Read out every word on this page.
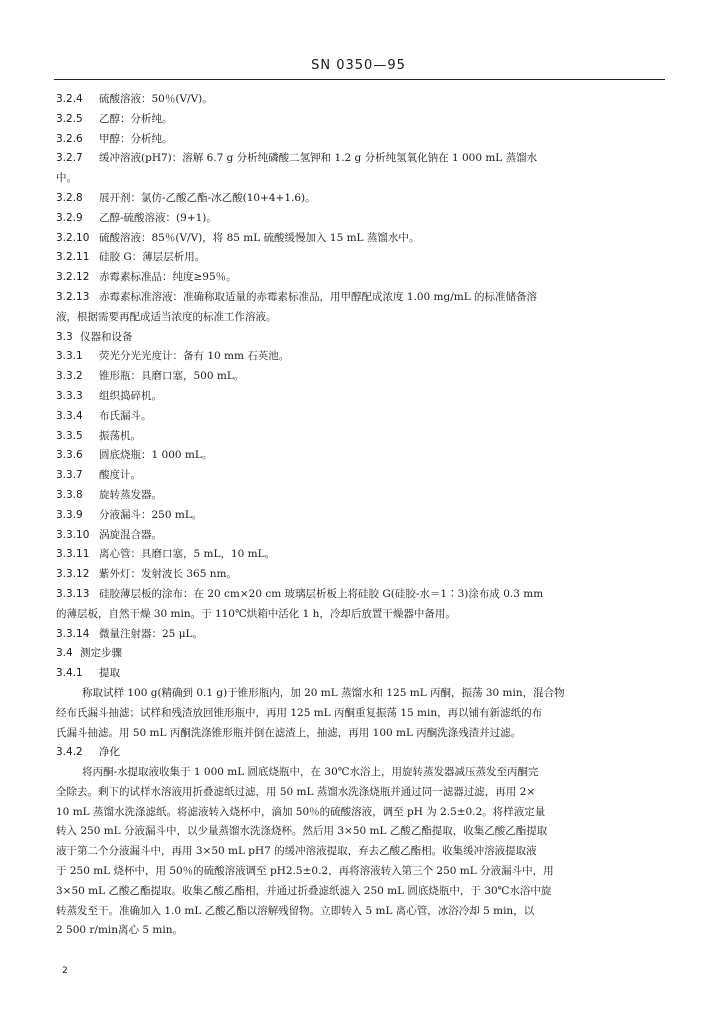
SN 0350—95
3.2.4 硫酸溶液：50％(V/V)。
3.2.5 乙醇：分析纯。
3.2.6 甲醇：分析纯。
3.2.7 缓冲溶液(pH7)：溶解 6.7 g 分析纯磷酸二氢钾和 1.2 g 分析纯氢氧化钠在 1 000 mL 蒸馏水
中。
3.2.8 展开剂：氯仿-乙酸乙酯-冰乙酸(10+4+1.6)。
3.2.9 乙醇-硫酸溶液：(9+1)。
3.2.10 硫酸溶液：85％(V/V)，将 85 mL 硫酸缓慢加入 15 mL 蒸馏水中。
3.2.11 硅胶 G：薄层层析用。
3.2.12 赤霉素标准品：纯度≥95％。
3.2.13 赤霉素标准溶液：准确称取适量的赤霉素标准品，用甲醇配成浓度 1.00 mg/mL 的标准储备溶
液，根据需要再配成适当浓度的标准工作溶液。
3.3 仪器和设备
3.3.1 荧光分光光度计：备有 10 mm 石英池。
3.3.2 锥形瓶：具磨口塞，500 mL。
3.3.3 组织捣碎机。
3.3.4 布氏漏斗。
3.3.5 振荡机。
3.3.6 圆底烧瓶：1 000 mL。
3.3.7 酸度计。
3.3.8 旋转蒸发器。
3.3.9 分液漏斗：250 mL。
3.3.10 涡旋混合器。
3.3.11 离心管：具磨口塞，5 mL，10 mL。
3.3.12 紫外灯：发射波长 365 nm。
3.3.13 硅胶薄层板的涂布：在 20 cm×20 cm 玻璃层析板上将硅胶 G(硅胶-水＝1∶3)涂布成 0.3 mm
的薄层板，自然干燥 30 min。于 110℃烘箱中活化 1 h，冷却后放置干燥器中备用。
3.3.14 微量注射器：25 μL。
3.4 测定步骤
3.4.1 提取
称取试样 100 g(精确到 0.1 g)于锥形瓶内，加 20 mL 蒸馏水和 125 mL 丙酮，振荡 30 min，混合物
经布氏漏斗抽滤；试样和残渣放回锥形瓶中，再用 125 mL 丙酮重复振荡 15 min，再以铺有新滤纸的布
氏漏斗抽滤。用 50 mL 丙酮洗涤锥形瓶并倒在滤渣上，抽滤，再用 100 mL 丙酮洗涤残渣并过滤。
3.4.2 净化
将丙酮-水提取液收集于 1 000 mL 圆底烧瓶中，在 30℃水浴上，用旋转蒸发器减压蒸发至丙酮完
全除去。剩下的试样水溶液用折叠滤纸过滤，用 50 mL 蒸馏水洗涤烧瓶并通过同一滤器过滤，再用 2×
10 mL 蒸馏水洗涤滤纸。将滤液转入烧杯中，滴加 50％的硫酸溶液，调至 pH 为 2.5±0.2。将样液定量
转入 250 mL 分液漏斗中，以少量蒸馏水洗涤烧杯。然后用 3×50 mL 乙酸乙酯提取，收集乙酸乙酯提取
液于第二个分液漏斗中，再用 3×50 mL pH7 的缓冲溶液提取，弃去乙酸乙酯相。收集缓冲溶液提取液
于 250 mL 烧杯中，用 50％的硫酸溶液调至 pH2.5±0.2，再将溶液转入第三个 250 mL 分液漏斗中，用
3×50 mL 乙酸乙酯提取。收集乙酸乙酯相，并通过折叠滤纸滤入 250 mL 圆底烧瓶中，于 30℃水浴中旋
转蒸发至干。准确加入 1.0 mL 乙酸乙酯以溶解残留物。立即转入 5 mL 离心管，冰浴冷却 5 min，以
2 500 r/min离心 5 min。
2
